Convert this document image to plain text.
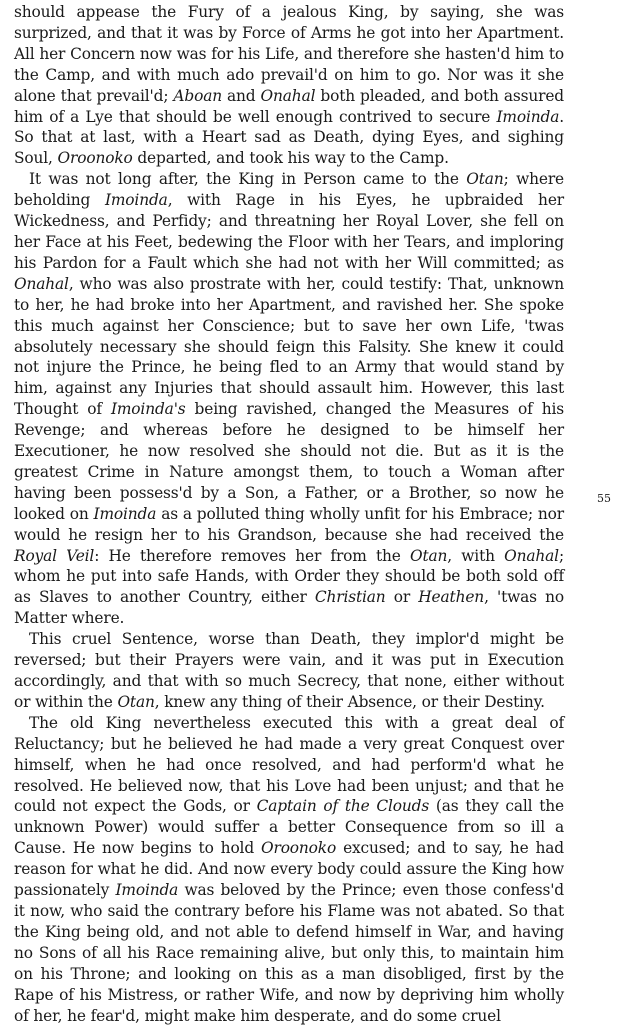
should appease the Fury of a jealous King, by saying, she was surprized, and that it was by Force of Arms he got into her Apartment. All her Concern now was for his Life, and therefore she hasten'd him to the Camp, and with much ado prevail'd on him to go. Nor was it she alone that prevail'd; Aboan and Onahal both pleaded, and both assured him of a Lye that should be well enough contrived to secure Imoinda. So that at last, with a Heart sad as Death, dying Eyes, and sighing Soul, Oroonoko departed, and took his way to the Camp.

It was not long after, the King in Person came to the Otan; where beholding Imoinda, with Rage in his Eyes, he upbraided her Wickedness, and Perfidy; and threatning her Royal Lover, she fell on her Face at his Feet, bedewing the Floor with her Tears, and imploring his Pardon for a Fault which she had not with her Will committed; as Onahal, who was also prostrate with her, could testify: That, unknown to her, he had broke into her Apartment, and ravished her. She spoke this much against her Conscience; but to save her own Life, 'twas absolutely necessary she should feign this Falsity. She knew it could not injure the Prince, he being fled to an Army that would stand by him, against any Injuries that should assault him. However, this last Thought of Imoinda's being ravished, changed the Measures of his Revenge; and whereas before he designed to be himself her Executioner, he now resolved she should not die. But as it is the greatest Crime in Nature amongst them, to touch a Woman after having been possess'd by a Son, a Father, or a Brother, so now he looked on Imoinda as a polluted thing wholly unfit for his Embrace; nor would he resign her to his Grandson, because she had received the Royal Veil: He therefore removes her from the Otan, with Onahal; whom he put into safe Hands, with Order they should be both sold off as Slaves to another Country, either Christian or Heathen, 'twas no Matter where.

This cruel Sentence, worse than Death, they implor'd might be reversed; but their Prayers were vain, and it was put in Execution accordingly, and that with so much Secrecy, that none, either without or within the Otan, knew any thing of their Absence, or their Destiny.

The old King nevertheless executed this with a great deal of Reluctancy; but he believed he had made a very great Conquest over himself, when he had once resolved, and had perform'd what he resolved. He believed now, that his Love had been unjust; and that he could not expect the Gods, or Captain of the Clouds (as they call the unknown Power) would suffer a better Consequence from so ill a Cause. He now begins to hold Oroonoko excused; and to say, he had reason for what he did. And now every body could assure the King how passionately Imoinda was beloved by the Prince; even those confess'd it now, who said the contrary before his Flame was not abated. So that the King being old, and not able to defend himself in War, and having no Sons of all his Race remaining alive, but only this, to maintain him on his Throne; and looking on this as a man disobliged, first by the Rape of his Mistress, or rather Wife, and now by depriving him wholly of her, he fear'd, might make him desperate, and do some cruel

55
